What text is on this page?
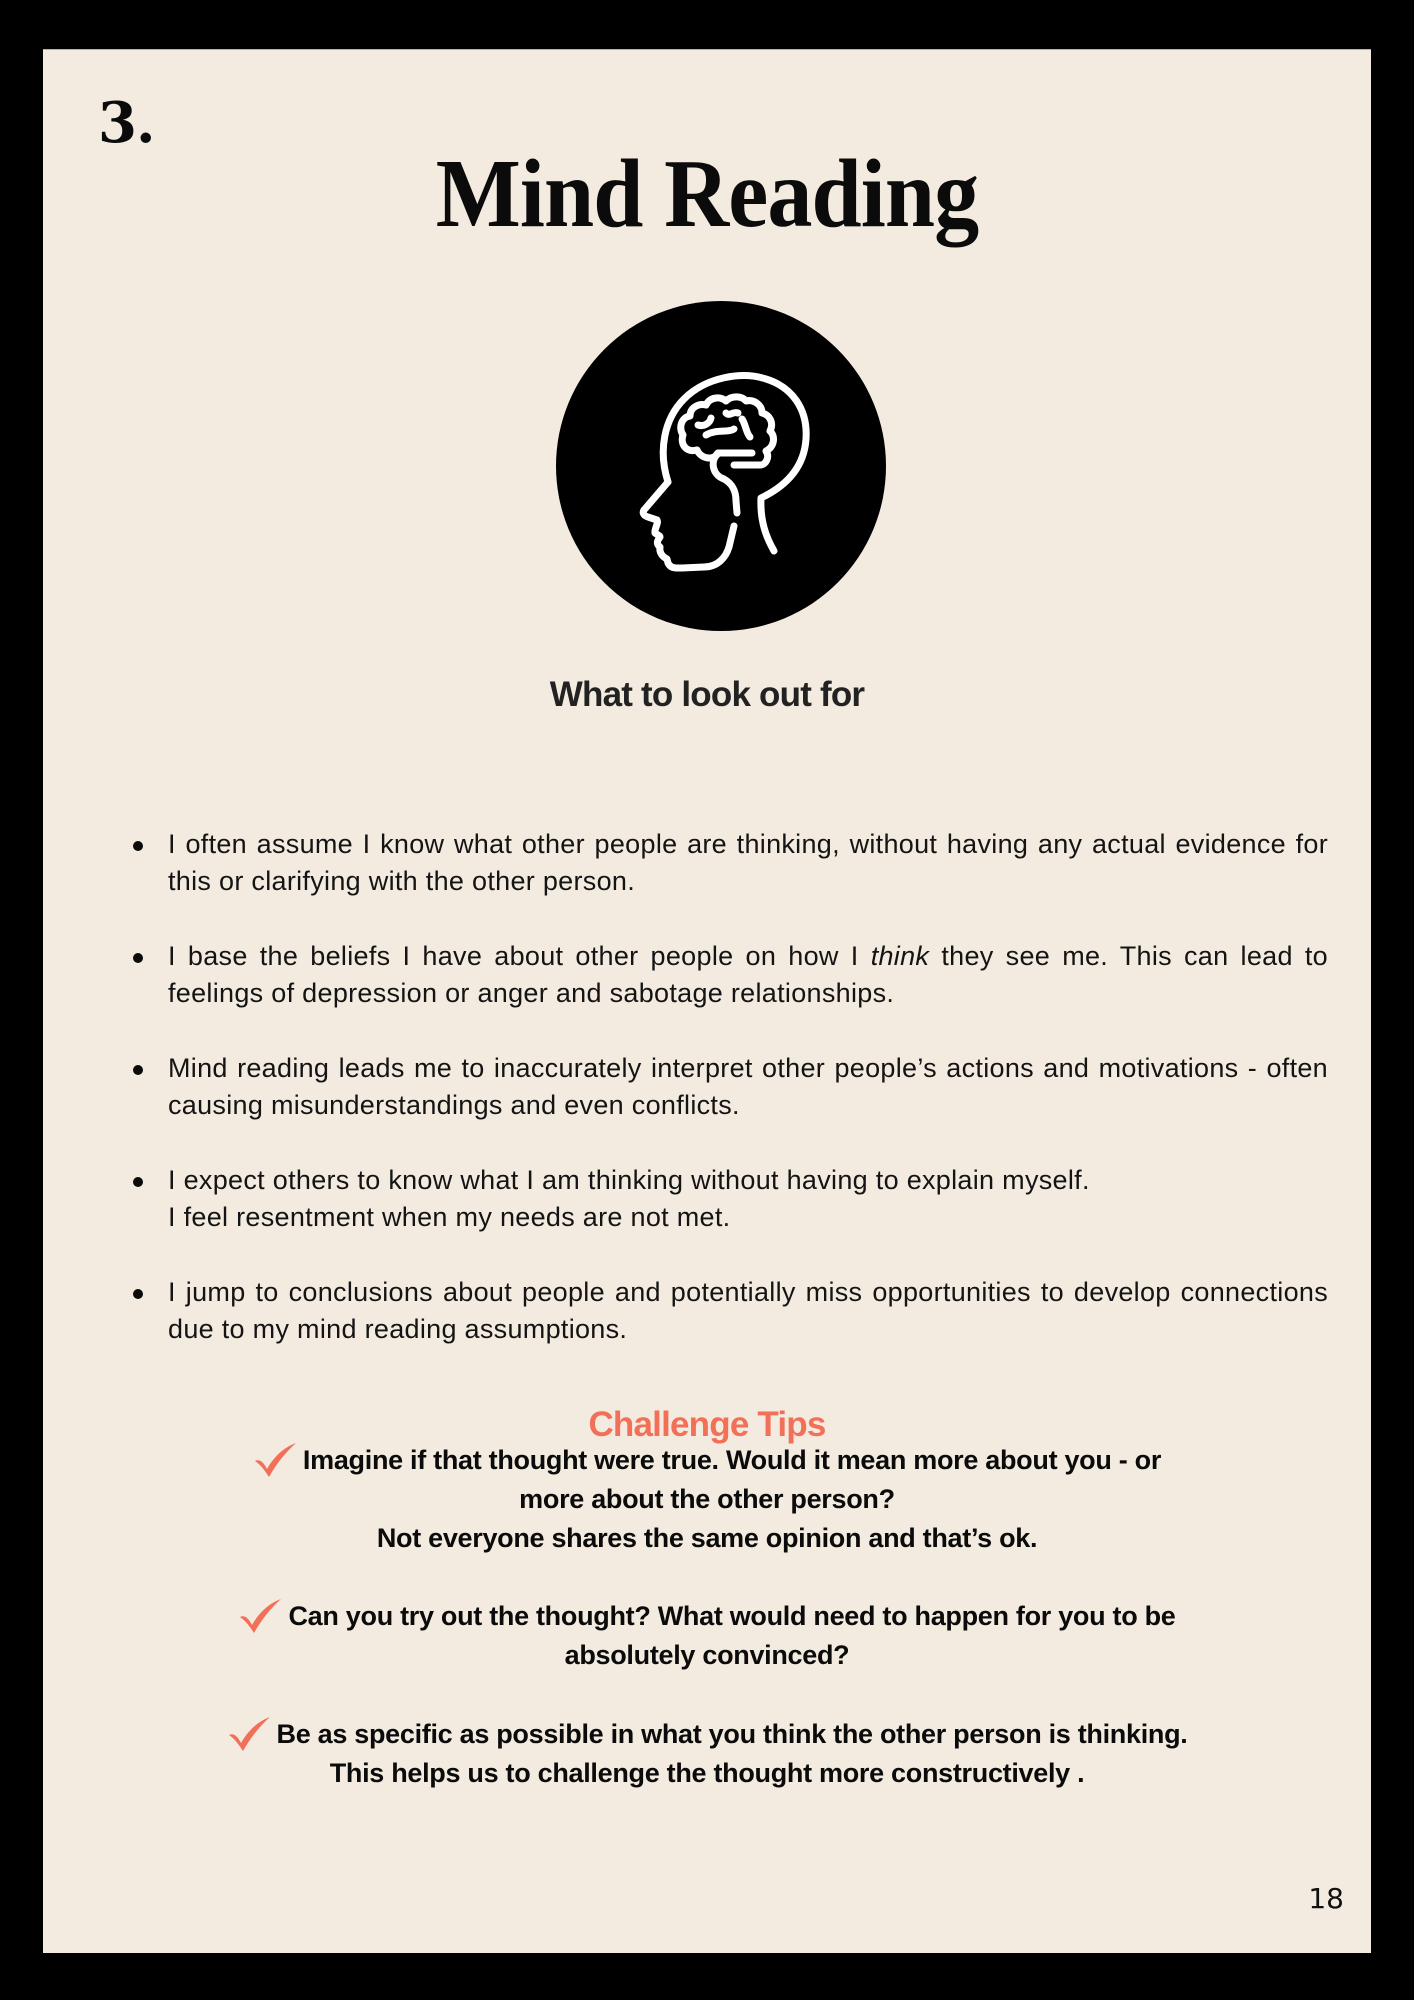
3.
Mind Reading
What to look out for
I often assume I know what other people are thinking, without having any actual evidence for this or clarifying with the other person.
I base the beliefs I have about other people on how I think they see me. This can lead to feelings of depression or anger and sabotage relationships.
Mind reading leads me to inaccurately interpret other people’s actions and motivations - often causing misunderstandings and even conflicts.
I expect others to know what I am thinking without having to explain myself.
I feel resentment when my needs are not met.
I jump to conclusions about people and potentially miss opportunities to develop connections due to my mind reading assumptions.
Challenge Tips
Imagine if that thought were true. Would it mean more about you - or
more about the other person?
Not everyone shares the same opinion and that’s ok.
Can you try out the thought? What would need to happen for you to be
absolutely convinced?
Be as specific as possible in what you think the other person is thinking.
This helps us to challenge the thought more constructively .
18
